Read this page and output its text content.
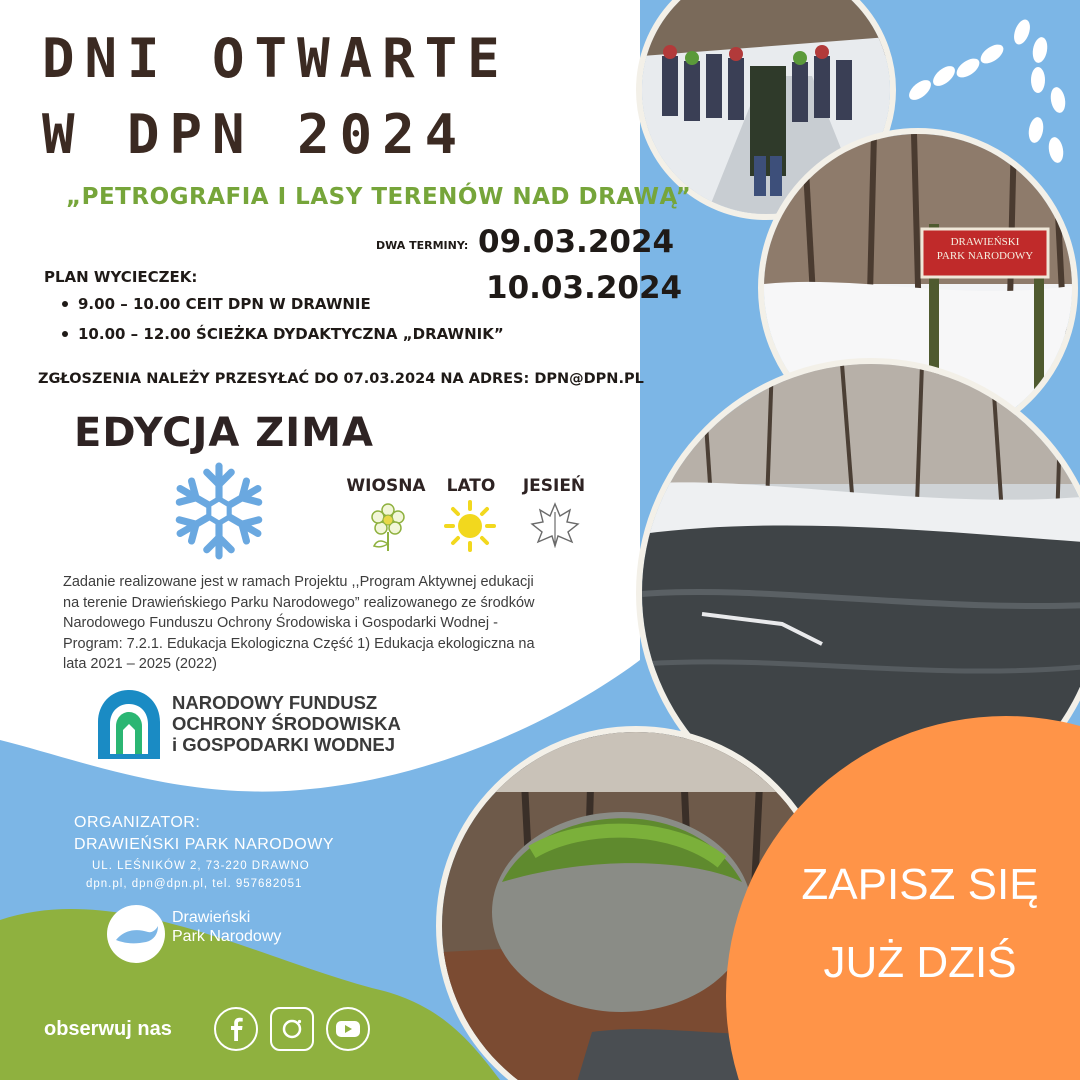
DRAWIEŃSKI
PARK NARODOWY
ZAPISZ SIĘ
JUŻ DZIŚ
DNI OTWARTE
W DPN 2024
„PETROGRAFIA I LASY TERENÓW NAD DRAWĄ”
DWA TERMINY: 09.03.2024
10.03.2024
PLAN WYCIECZEK:
9.00 – 10.00 CEIT DPN W DRAWNIE
10.00 – 12.00 ŚCIEŻKA DYDAKTYCZNA „DRAWNIK”
ZGŁOSZENIA NALEŻY PRZESYŁAĆ DO 07.03.2024 NA ADRES: DPN@DPN.PL
EDYCJA ZIMA
WIOSNA	LATO	JESIEŃ
Zadanie realizowane jest w ramach Projektu ,,Program Aktywnej edukacji
na terenie Drawieńskiego Parku Narodowego” realizowanego ze środków
Narodowego Funduszu Ochrony Środowiska i Gospodarki Wodnej -
Program: 7.2.1. Edukacja Ekologiczna Część 1) Edukacja ekologiczna na
lata 2021 – 2025 (2022)
NARODOWY FUNDUSZ
OCHRONY ŚRODOWISKA
i GOSPODARKI WODNEJ
ORGANIZATOR:
DRAWIEŃSKI PARK NARODOWY
UL. LEŚNIKÓW 2, 73-220 DRAWNO
dpn.pl, dpn@dpn.pl, tel. 957682051
Drawieński
Park Narodowy
obserwuj nas
